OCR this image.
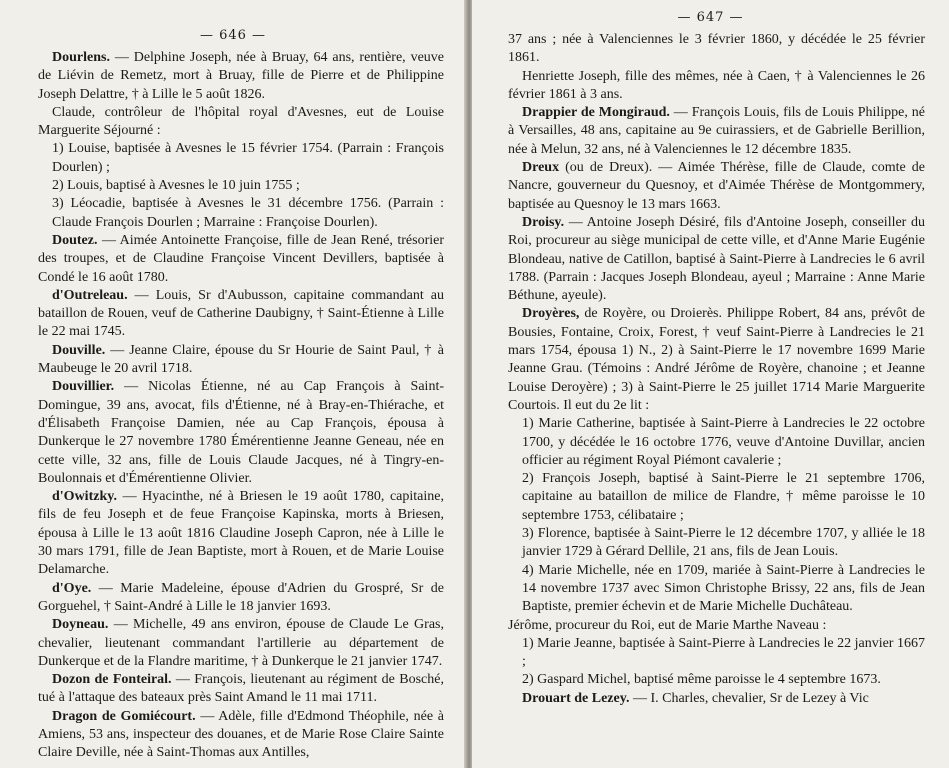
— 646 —

Dourlens. — Delphine Joseph, née à Bruay, 64 ans, rentière, veuve de Liévin de Remetz, mort à Bruay, fille de Pierre et de Philippine Joseph Delattre, † à Lille le 5 août 1826.

Claude, contrôleur de l'hôpital royal d'Avesnes, eut de Louise Marguerite Séjourné :

1) Louise, baptisée à Avesnes le 15 février 1754. (Parrain : François Dourlen) ;

2) Louis, baptisé à Avesnes le 10 juin 1755 ;

3) Léocadie, baptisée à Avesnes le 31 décembre 1756. (Parrain : Claude François Dourlen ; Marraine : Françoise Dourlen).

Doutez. — Aimée Antoinette Françoise, fille de Jean René, trésorier des troupes, et de Claudine Françoise Vincent Devillers, baptisée à Condé le 16 août 1780.

d'Outreleau. — Louis, Sr d'Aubusson, capitaine commandant au bataillon de Rouen, veuf de Catherine Daubigny, † Saint-Étienne à Lille le 22 mai 1745.

Douville. — Jeanne Claire, épouse du Sr Hourie de Saint Paul, † à Maubeuge le 20 avril 1718.

Douvillier. — Nicolas Étienne, né au Cap François à Saint-Domingue, 39 ans, avocat, fils d'Étienne, né à Bray-en-Thiérache, et d'Élisabeth Françoise Damien, née au Cap François, épousa à Dunkerque le 27 novembre 1780 Émérentienne Jeanne Geneau, née en cette ville, 32 ans, fille de Louis Claude Jacques, né à Tingry-en-Boulonnais et d'Émérentienne Olivier.

d'Owitzky. — Hyacinthe, né à Briesen le 19 août 1780, capitaine, fils de feu Joseph et de feue Françoise Kapinska, morts à Briesen, épousa à Lille le 13 août 1816 Claudine Joseph Capron, née à Lille le 30 mars 1791, fille de Jean Baptiste, mort à Rouen, et de Marie Louise Delamarche.

d'Oye. — Marie Madeleine, épouse d'Adrien du Grospré, Sr de Gorguehel, † Saint-André à Lille le 18 janvier 1693.

Doyneau. — Michelle, 49 ans environ, épouse de Claude Le Gras, chevalier, lieutenant commandant l'artillerie au département de Dunkerque et de la Flandre maritime, † à Dunkerque le 21 janvier 1747.

Dozon de Fonteiral. — François, lieutenant au régiment de Bosché, tué à l'attaque des bateaux près Saint Amand le 11 mai 1711.

Dragon de Gomiécourt. — Adèle, fille d'Edmond Théophile, née à Amiens, 53 ans, inspecteur des douanes, et de Marie Rose Claire Sainte Claire Deville, née à Saint-Thomas aux Antilles,

— 647 —

37 ans ; née à Valenciennes le 3 février 1860, y décédée le 25 février 1861.

Henriette Joseph, fille des mêmes, née à Caen, † à Valenciennes le 26 février 1861 à 3 ans.

Drappier de Mongiraud. — François Louis, fils de Louis Philippe, né à Versailles, 48 ans, capitaine au 9e cuirassiers, et de Gabrielle Berillion, née à Melun, 32 ans, né à Valenciennes le 12 décembre 1835.

Dreux (ou de Dreux). — Aimée Thérèse, fille de Claude, comte de Nancre, gouverneur du Quesnoy, et d'Aimée Thérèse de Montgommery, baptisée au Quesnoy le 13 mars 1663.

Droisy. — Antoine Joseph Désiré, fils d'Antoine Joseph, conseiller du Roi, procureur au siège municipal de cette ville, et d'Anne Marie Eugénie Blondeau, native de Catillon, baptisé à Saint-Pierre à Landrecies le 6 avril 1788. (Parrain : Jacques Joseph Blondeau, ayeul ; Marraine : Anne Marie Béthune, ayeule).

Droyères, de Royère, ou Droierès. Philippe Robert, 84 ans, prévôt de Bousies, Fontaine, Croix, Forest, † veuf Saint-Pierre à Landrecies le 21 mars 1754, épousa 1) N., 2) à Saint-Pierre le 17 novembre 1699 Marie Jeanne Grau. (Témoins : André Jérôme de Royère, chanoine ; et Jeanne Louise Deroyère) ; 3) à Saint-Pierre le 25 juillet 1714 Marie Marguerite Courtois. Il eut du 2e lit :

1) Marie Catherine, baptisée à Saint-Pierre à Landrecies le 22 octobre 1700, y décédée le 16 octobre 1776, veuve d'Antoine Duvillar, ancien officier au régiment Royal Piémont cavalerie ;

2) François Joseph, baptisé à Saint-Pierre le 21 septembre 1706, capitaine au bataillon de milice de Flandre, † même paroisse le 10 septembre 1753, célibataire ;

3) Florence, baptisée à Saint-Pierre le 12 décembre 1707, y alliée le 18 janvier 1729 à Gérard Dellile, 21 ans, fils de Jean Louis.

4) Marie Michelle, née en 1709, mariée à Saint-Pierre à Landrecies le 14 novembre 1737 avec Simon Christophe Brissy, 22 ans, fils de Jean Baptiste, premier échevin et de Marie Michelle Duchâteau.

Jérôme, procureur du Roi, eut de Marie Marthe Naveau :

1) Marie Jeanne, baptisée à Saint-Pierre à Landrecies le 22 janvier 1667 ;

2) Gaspard Michel, baptisé même paroisse le 4 septembre 1673.

Drouart de Lezey. — I. Charles, chevalier, Sr de Lezey à Vic
